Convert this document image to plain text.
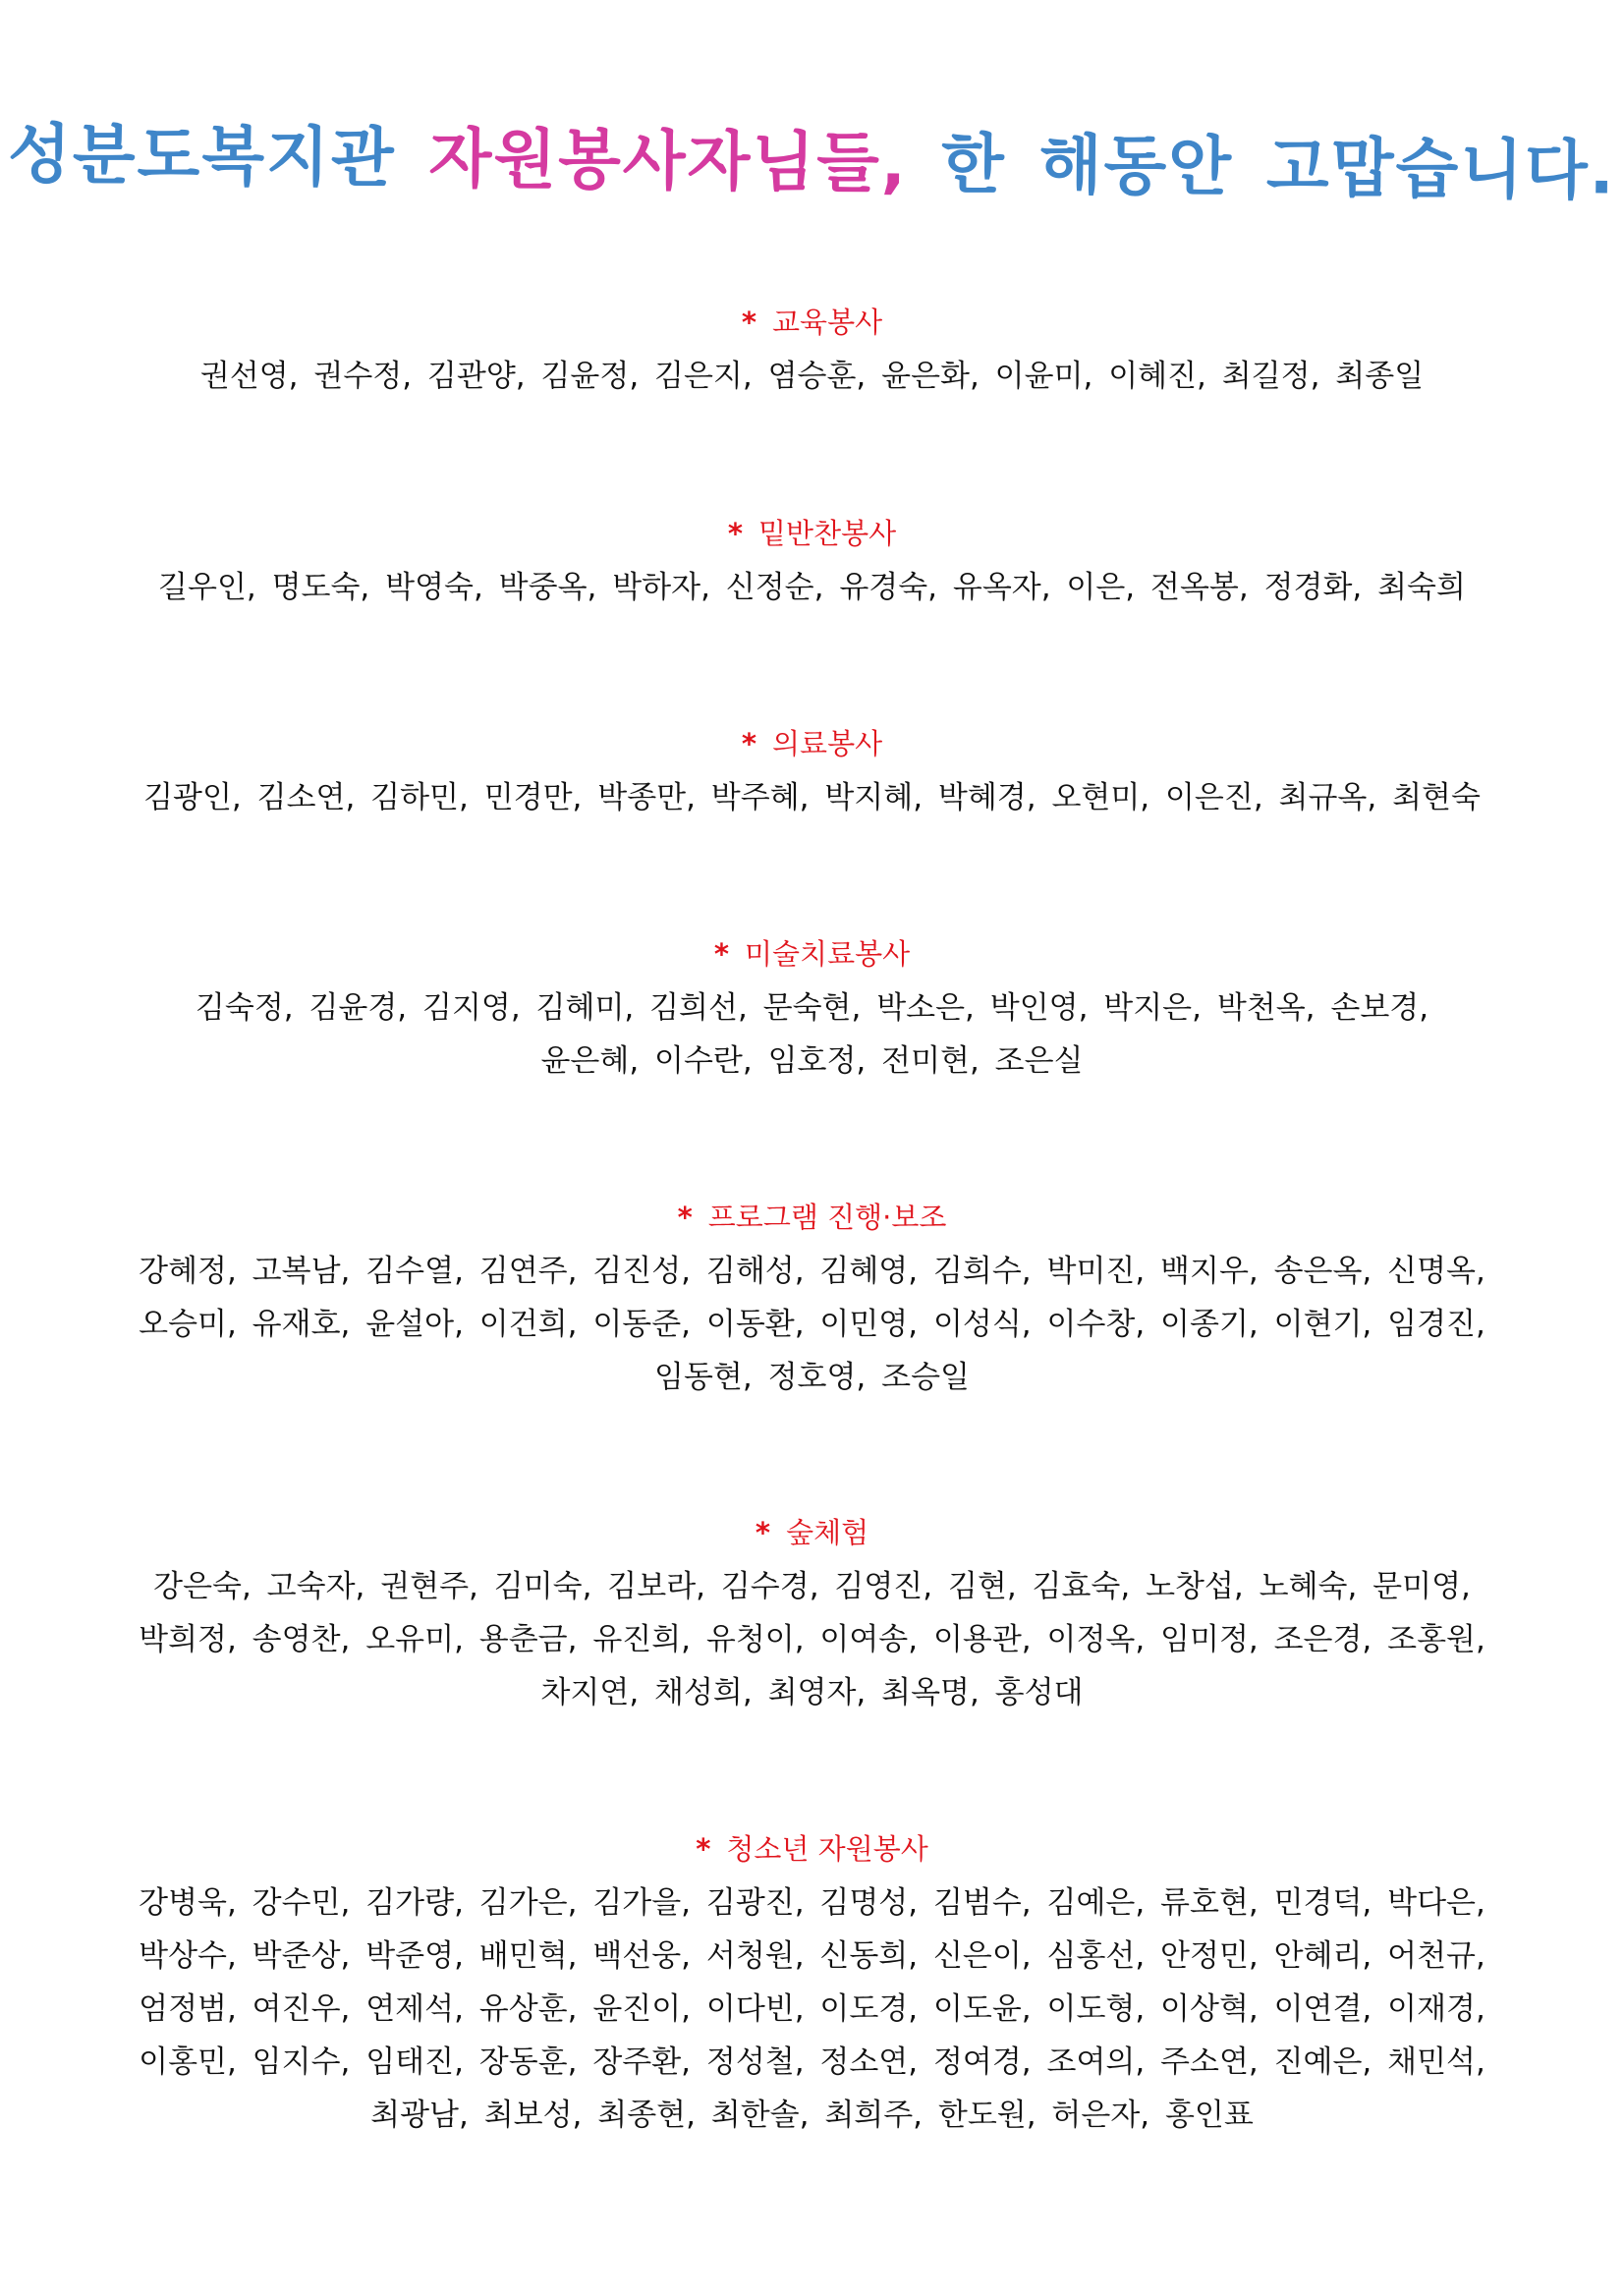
성분도복지관 자원봉사자님들, 한 해동안 고맙습니다.
* 교육봉사
권선영, 권수정, 김관양, 김윤정, 김은지, 염승훈, 윤은화, 이윤미, 이혜진, 최길정, 최종일
* 밑반찬봉사
길우인, 명도숙, 박영숙, 박중옥, 박하자, 신정순, 유경숙, 유옥자, 이은, 전옥봉, 정경화, 최숙희
* 의료봉사
김광인, 김소연, 김하민, 민경만, 박종만, 박주혜, 박지혜, 박혜경, 오현미, 이은진, 최규옥, 최현숙
* 미술치료봉사
김숙정, 김윤경, 김지영, 김혜미, 김희선, 문숙현, 박소은, 박인영, 박지은, 박천옥, 손보경,
윤은혜, 이수란, 임호정, 전미현, 조은실
* 프로그램 진행·보조
강혜정, 고복남, 김수열, 김연주, 김진성, 김해성, 김혜영, 김희수, 박미진, 백지우, 송은옥, 신명옥,
오승미, 유재호, 윤설아, 이건희, 이동준, 이동환, 이민영, 이성식, 이수창, 이종기, 이현기, 임경진,
임동현, 정호영, 조승일
* 숲체험
강은숙, 고숙자, 권현주, 김미숙, 김보라, 김수경, 김영진, 김현, 김효숙, 노창섭, 노혜숙, 문미영,
박희정, 송영찬, 오유미, 용춘금, 유진희, 유청이, 이여송, 이용관, 이정옥, 임미정, 조은경, 조홍원,
차지연, 채성희, 최영자, 최옥명, 홍성대
* 청소년 자원봉사
강병욱, 강수민, 김가량, 김가은, 김가을, 김광진, 김명성, 김범수, 김예은, 류호현, 민경덕, 박다은,
박상수, 박준상, 박준영, 배민혁, 백선웅, 서청원, 신동희, 신은이, 심홍선, 안정민, 안혜리, 어천규,
엄정범, 여진우, 연제석, 유상훈, 윤진이, 이다빈, 이도경, 이도윤, 이도형, 이상혁, 이연결, 이재경,
이홍민, 임지수, 임태진, 장동훈, 장주환, 정성철, 정소연, 정여경, 조여의, 주소연, 진예은, 채민석,
최광남, 최보성, 최종현, 최한솔, 최희주, 한도원, 허은자, 홍인표
